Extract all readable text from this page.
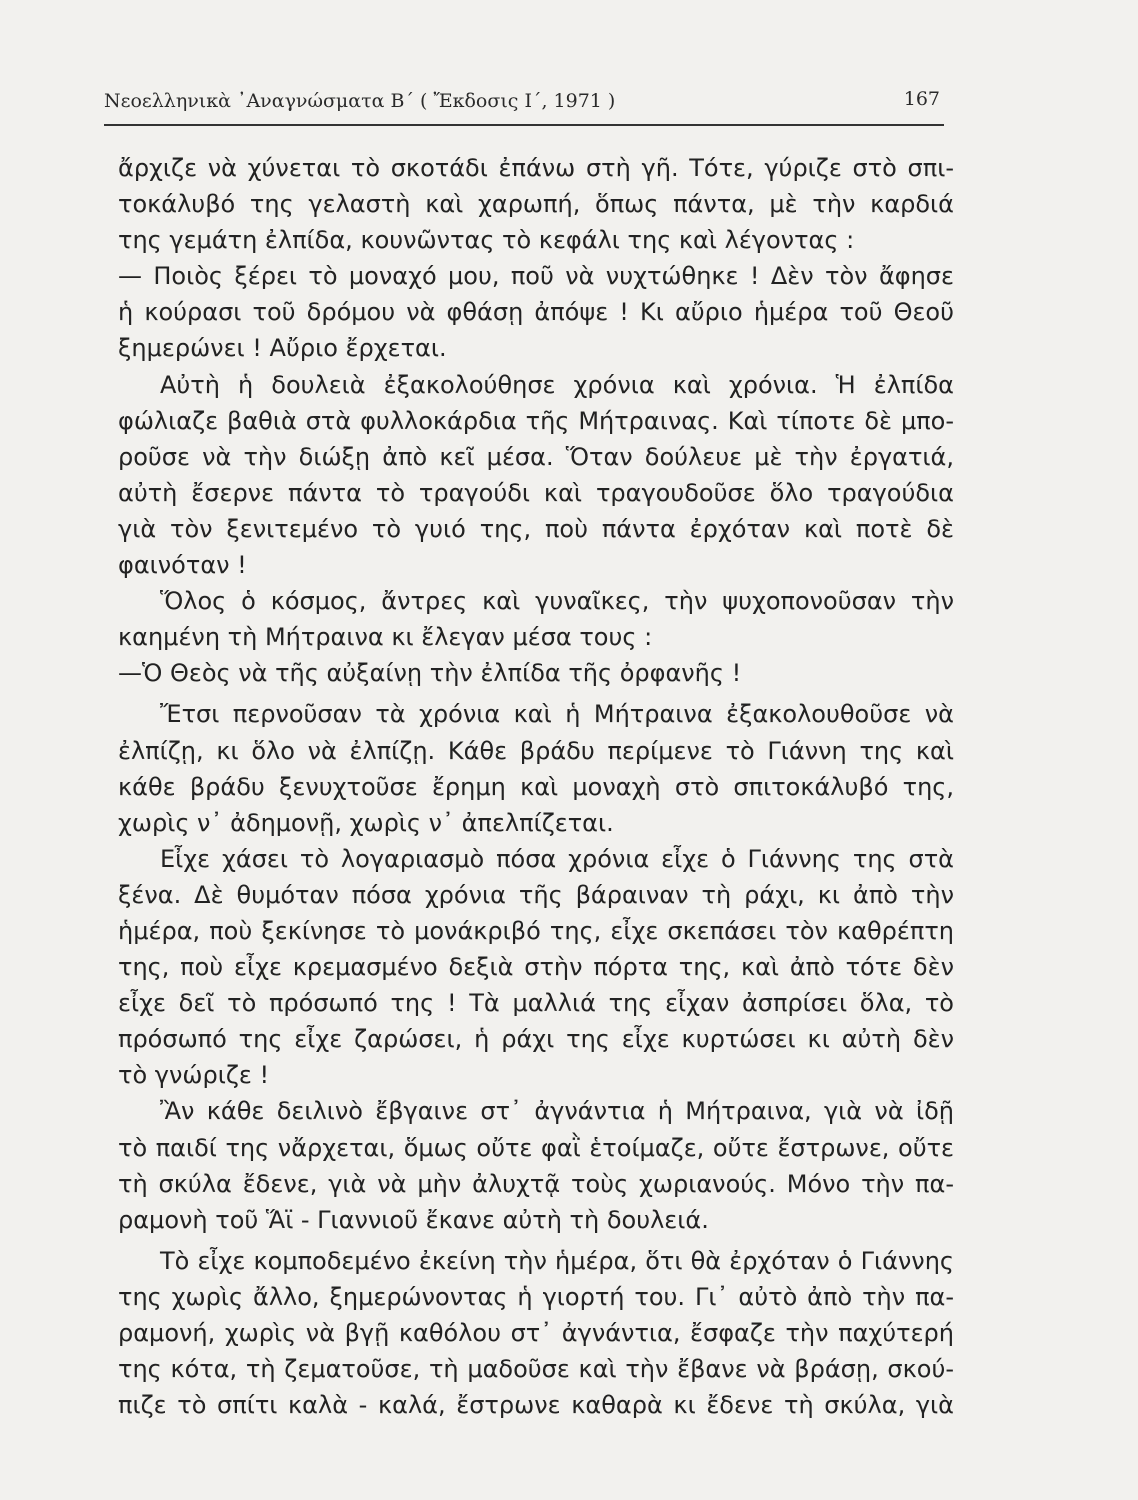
Νεοελληνικὰ ᾿Αναγνώσματα Β΄ ( Ἔκδοσις Ι΄, 1971 )	167
ἄρχιζε νὰ χύνεται τὸ σκοτάδι ἐπάνω στὴ γῆ. Τότε, γύριζε στὸ σπι-
τοκάλυβό της γελαστὴ καὶ χαρωπή, ὅπως πάντα, μὲ τὴν καρδιά
της γεμάτη ἐλπίδα, κουνῶντας τὸ κεφάλι της καὶ λέγοντας :
— Ποιὸς ξέρει τὸ μοναχό μου, ποῦ νὰ νυχτώθηκε ! Δὲν τὸν ἄφησε
ἡ κούρασι τοῦ δρόμου νὰ φθάσῃ ἀπόψε ! Κι αὔριο ἡμέρα τοῦ Θεοῦ
ξημερώνει ! Αὔριο ἔρχεται.
Αὐτὴ ἡ δουλειὰ ἐξακολούθησε χρόνια καὶ χρόνια. Ἡ ἐλπίδα
φώλιαζε βαθιὰ στὰ φυλλοκάρδια τῆς Μήτραινας. Καὶ τίποτε δὲ μπο-
ροῦσε νὰ τὴν διώξῃ ἀπὸ κεῖ μέσα. Ὅταν δούλευε μὲ τὴν ἐργατιά,
αὐτὴ ἔσερνε πάντα τὸ τραγούδι καὶ τραγουδοῦσε ὅλο τραγούδια
γιὰ τὸν ξενιτεμένο τὸ γυιό της, ποὺ πάντα ἐρχόταν καὶ ποτὲ δὲ
φαινόταν !
Ὅλος ὁ κόσμος, ἄντρες καὶ γυναῖκες, τὴν ψυχοπονοῦσαν τὴν
καημένη τὴ Μήτραινα κι ἔλεγαν μέσα τους :
—Ὁ Θεὸς νὰ τῆς αὐξαίνῃ τὴν ἐλπίδα τῆς ὀρφανῆς !
Ἔτσι περνοῦσαν τὰ χρόνια καὶ ἡ Μήτραινα ἐξακολουθοῦσε νὰ
ἐλπίζῃ, κι ὅλο νὰ ἐλπίζῃ. Κάθε βράδυ περίμενε τὸ Γιάννη της καὶ
κάθε βράδυ ξενυχτοῦσε ἔρημη καὶ μοναχὴ στὸ σπιτοκάλυβό της,
χωρὶς ν᾿ ἀδημονῇ, χωρὶς ν᾿ ἀπελπίζεται.
Εἶχε χάσει τὸ λογαριασμὸ πόσα χρόνια εἶχε ὁ Γιάννης της στὰ
ξένα. Δὲ θυμόταν πόσα χρόνια τῆς βάραιναν τὴ ράχι, κι ἀπὸ τὴν
ἡμέρα, ποὺ ξεκίνησε τὸ μονάκριβό της, εἶχε σκεπάσει τὸν καθρέπτη
της, ποὺ εἶχε κρεμασμένο δεξιὰ στὴν πόρτα της, καὶ ἀπὸ τότε δὲν
εἶχε δεῖ τὸ πρόσωπό της ! Τὰ μαλλιά της εἶχαν ἀσπρίσει ὅλα, τὸ
πρόσωπό της εἶχε ζαρώσει, ἡ ράχι της εἶχε κυρτώσει κι αὐτὴ δὲν
τὸ γνώριζε !
Ἂν κάθε δειλινὸ ἔβγαινε στ᾿ ἀγνάντια ἡ Μήτραινα, γιὰ νὰ ἰδῇ
τὸ παιδί της νἄρχεται, ὅμως οὔτε φαῒ ἑτοίμαζε, οὔτε ἔστρωνε, οὔτε
τὴ σκύλα ἔδενε, γιὰ νὰ μὴν ἀλυχτᾷ τοὺς χωριανούς. Μόνο τὴν πα-
ραμονὴ τοῦ Ἅϊ - Γιαννιοῦ ἔκανε αὐτὴ τὴ δουλειά.
Τὸ εἶχε κομποδεμένο ἐκείνη τὴν ἡμέρα, ὅτι θὰ ἐρχόταν ὁ Γιάννης
της χωρὶς ἄλλο, ξημερώνοντας ἡ γιορτή του. Γι᾿ αὐτὸ ἀπὸ τὴν πα-
ραμονή, χωρὶς νὰ βγῇ καθόλου στ᾿ ἀγνάντια, ἔσφαζε τὴν παχύτερή
της κότα, τὴ ζεματοῦσε, τὴ μαδοῦσε καὶ τὴν ἔβανε νὰ βράσῃ, σκού-
πιζε τὸ σπίτι καλὰ - καλά, ἔστρωνε καθαρὰ κι ἔδενε τὴ σκύλα, γιὰ
